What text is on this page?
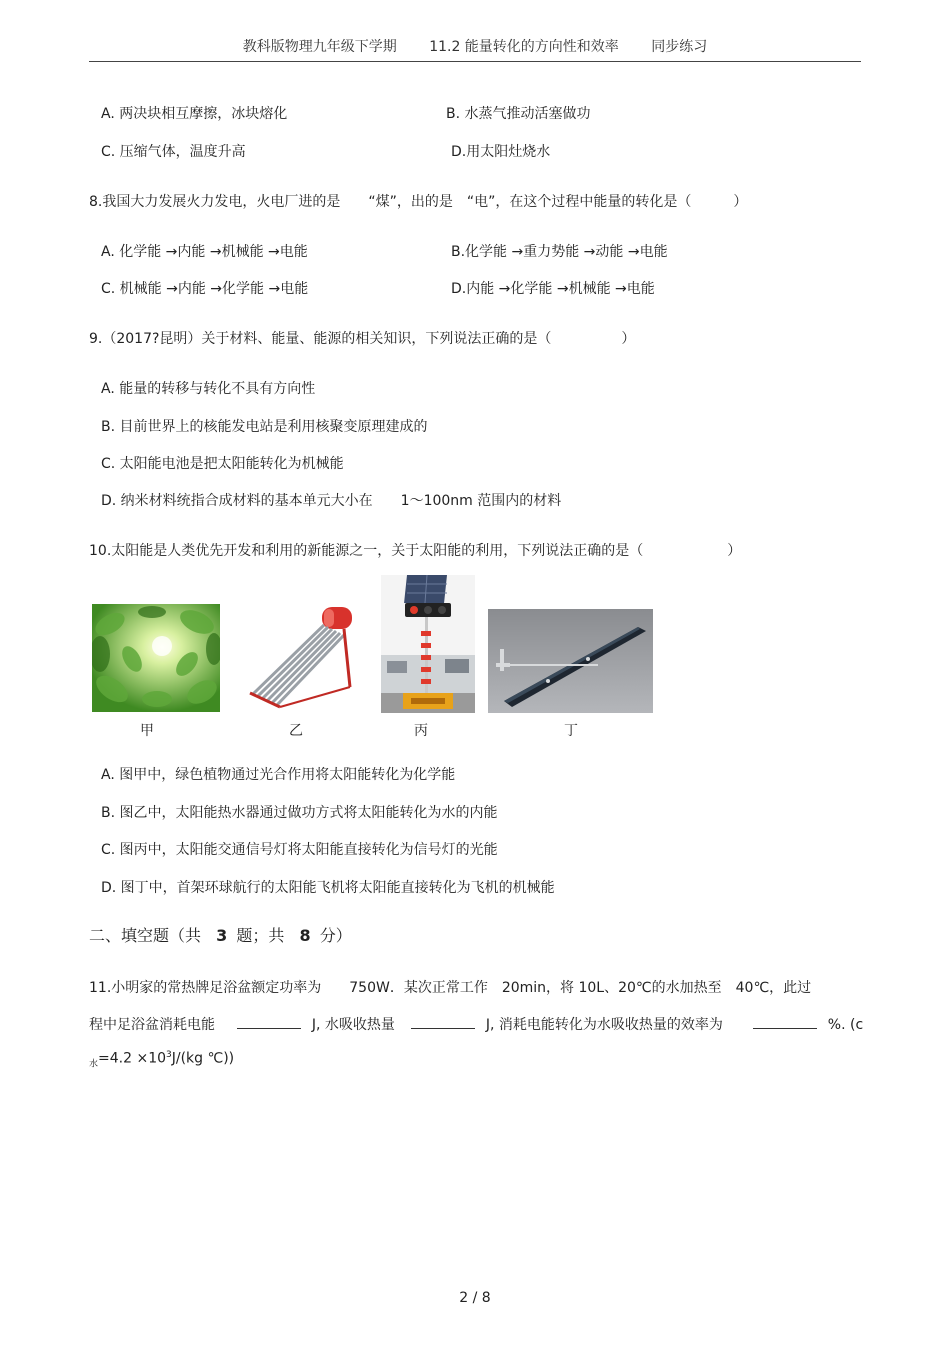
教科版物理九年级下学期 11.2 能量转化的方向性和效率 同步练习
A. 两决块相互摩擦，冰块熔化	B. 水蒸气推动活塞做功
C. 压缩气体，温度升高	D.用太阳灶烧水
8.我国大力发展火力发电，火电厂进的是　　“煤”，出的是　“电”，在这个过程中能量的转化是（　　　）
A. 化学能 →内能 →机械能 →电能	B.化学能 →重力势能 →动能 →电能
C. 机械能 →内能 →化学能 →电能	D.内能 →化学能 →机械能 →电能
9.（2017?昆明）关于材料、能量、能源的相关知识，下列说法正确的是（　　　　　）
A. 能量的转移与转化不具有方向性
B. 目前世界上的核能发电站是利用核聚变原理建成的
C. 太阳能电池是把太阳能转化为机械能
D. 纳米材料统指合成材料的基本单元大小在　　1～100nm 范围内的材料
10.太阳能是人类优先开发和利用的新能源之一，关于太阳能的利用，下列说法正确的是（　　　　　　）
甲	乙	丙	丁
A. 图甲中，绿色植物通过光合作用将太阳能转化为化学能
B. 图乙中，太阳能热水器通过做功方式将太阳能转化为水的内能
C. 图丙中，太阳能交通信号灯将太阳能直接转化为信号灯的光能
D. 图丁中，首架环球航行的太阳能飞机将太阳能直接转化为飞机的机械能
二、填空题（共 3 题；共 8 分）
11.小明家的常热牌足浴盆额定功率为　　750W．某次正常工作　20min，将 10L、20℃的水加热至　40℃，此过
程中足浴盆消耗电能	J, 水吸收热量	J, 消耗电能转化为水吸收热量的效率为	%. (c
$_水=4.2 \times 10^3J/(kg$ ℃))
2 / 8
